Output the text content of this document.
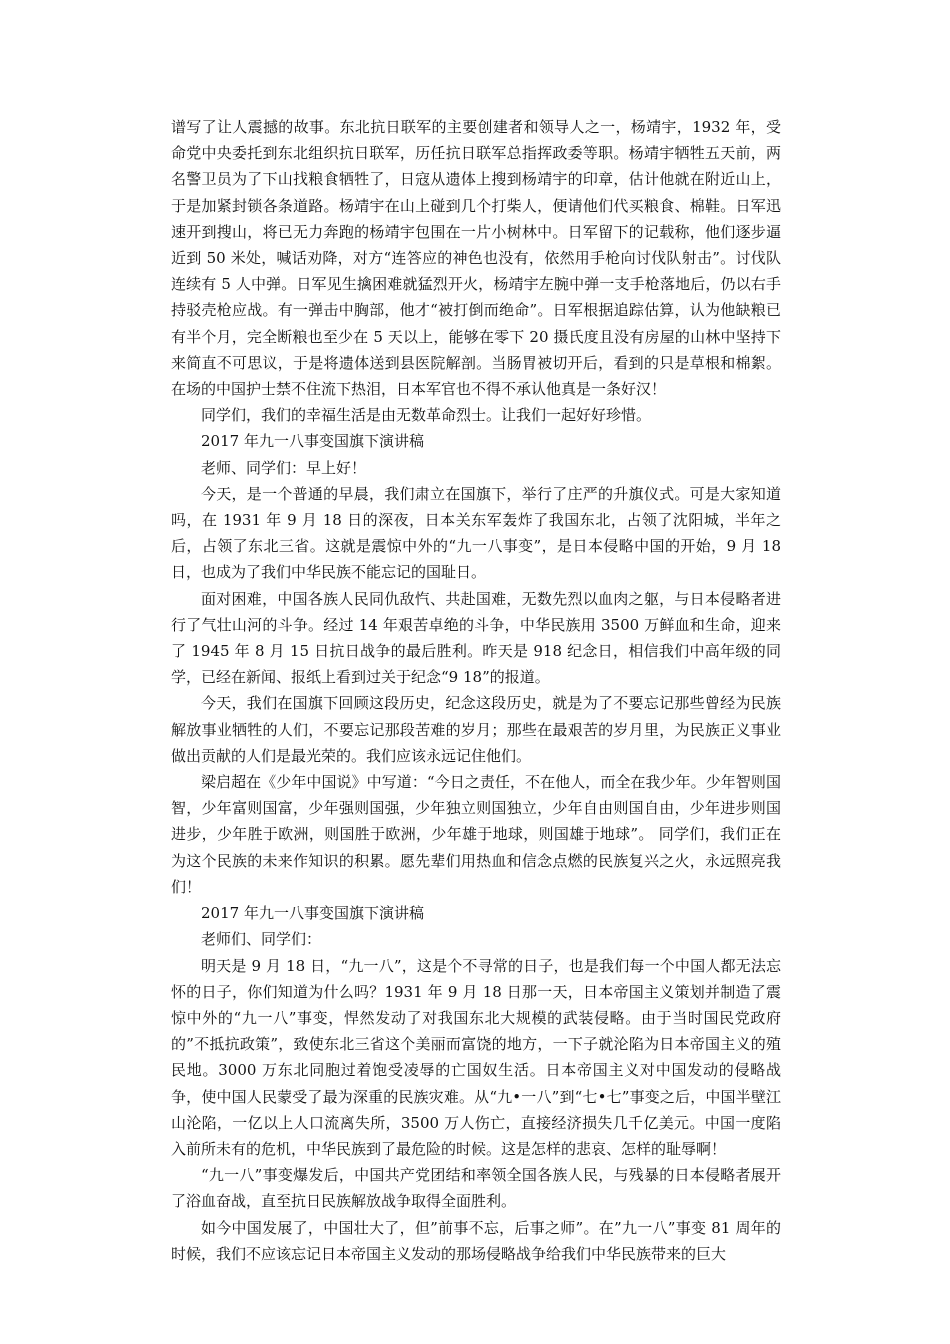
谱写了让人震撼的故事。东北抗日联军的主要创建者和领导人之一，杨靖宇，1932 年，受命党中央委托到东北组织抗日联军，历任抗日联军总指挥政委等职。杨靖宇牺牲五天前，两名警卫员为了下山找粮食牺牲了，日寇从遗体上搜到杨靖宇的印章，估计他就在附近山上，于是加紧封锁各条道路。杨靖宇在山上碰到几个打柴人，便请他们代买粮食、棉鞋。日军迅速开到搜山，将已无力奔跑的杨靖宇包围在一片小树林中。日军留下的记载称，他们逐步逼近到 50 米处，喊话劝降，对方“连答应的神色也没有，依然用手枪向讨伐队射击”。讨伐队连续有 5 人中弹。日军见生擒困难就猛烈开火，杨靖宇左腕中弹一支手枪落地后，仍以右手持驳壳枪应战。有一弹击中胸部，他才“被打倒而绝命”。日军根据追踪估算，认为他缺粮已有半个月，完全断粮也至少在 5 天以上，能够在零下 20 摄氏度且没有房屋的山林中坚持下来简直不可思议，于是将遗体送到县医院解剖。当肠胃被切开后，看到的只是草根和棉絮。在场的中国护士禁不住流下热泪，日本军官也不得不承认他真是一条好汉！

同学们，我们的幸福生活是由无数革命烈士。让我们一起好好珍惜。

2017 年九一八事变国旗下演讲稿

老师、同学们：早上好！

今天，是一个普通的早晨，我们肃立在国旗下，举行了庄严的升旗仪式。可是大家知道吗，在 1931 年 9 月 18 日的深夜，日本关东军轰炸了我国东北，占领了沈阳城，半年之后，占领了东北三省。这就是震惊中外的“九一八事变”，是日本侵略中国的开始，9 月 18 日，也成为了我们中华民族不能忘记的国耻日。

面对困难，中国各族人民同仇敌忾、共赴国难，无数先烈以血肉之躯，与日本侵略者进行了气壮山河的斗争。经过 14 年艰苦卓绝的斗争，中华民族用 3500 万鲜血和生命，迎来了 1945 年 8 月 15 日抗日战争的最后胜利。昨天是 918 纪念日，相信我们中高年级的同学，已经在新闻、报纸上看到过关于纪念“9 18”的报道。

今天，我们在国旗下回顾这段历史，纪念这段历史，就是为了不要忘记那些曾经为民族解放事业牺牲的人们，不要忘记那段苦难的岁月；那些在最艰苦的岁月里，为民族正义事业做出贡献的人们是最光荣的。我们应该永远记住他们。

梁启超在《少年中国说》中写道：“今日之责任，不在他人，而全在我少年。少年智则国智，少年富则国富，少年强则国强，少年独立则国独立，少年自由则国自由，少年进步则国进步，少年胜于欧洲，则国胜于欧洲，少年雄于地球，则国雄于地球”。 同学们，我们正在为这个民族的未来作知识的积累。愿先辈们用热血和信念点燃的民族复兴之火，永远照亮我们！

2017 年九一八事变国旗下演讲稿

老师们、同学们：

明天是 9 月 18 日，“九一八”，这是个不寻常的日子，也是我们每一个中国人都无法忘怀的日子，你们知道为什么吗？1931 年 9 月 18 日那一天，日本帝国主义策划并制造了震惊中外的“九一八”事变，悍然发动了对我国东北大规模的武装侵略。由于当时国民党政府的”不抵抗政策”，致使东北三省这个美丽而富饶的地方，一下子就沦陷为日本帝国主义的殖民地。3000 万东北同胞过着饱受凌辱的亡国奴生活。日本帝国主义对中国发动的侵略战争，使中国人民蒙受了最为深重的民族灾难。从“九•一八”到“七•七”事变之后，中国半壁江山沦陷，一亿以上人口流离失所，3500 万人伤亡，直接经济损失几千亿美元。中国一度陷入前所未有的危机，中华民族到了最危险的时候。这是怎样的悲哀、怎样的耻辱啊！

“九一八”事变爆发后，中国共产党团结和率领全国各族人民，与残暴的日本侵略者展开了浴血奋战，直至抗日民族解放战争取得全面胜利。

如今中国发展了，中国壮大了，但”前事不忘，后事之师”。在”九一八”事变 81 周年的时候，我们不应该忘记日本帝国主义发动的那场侵略战争给我们中华民族带来的巨大
